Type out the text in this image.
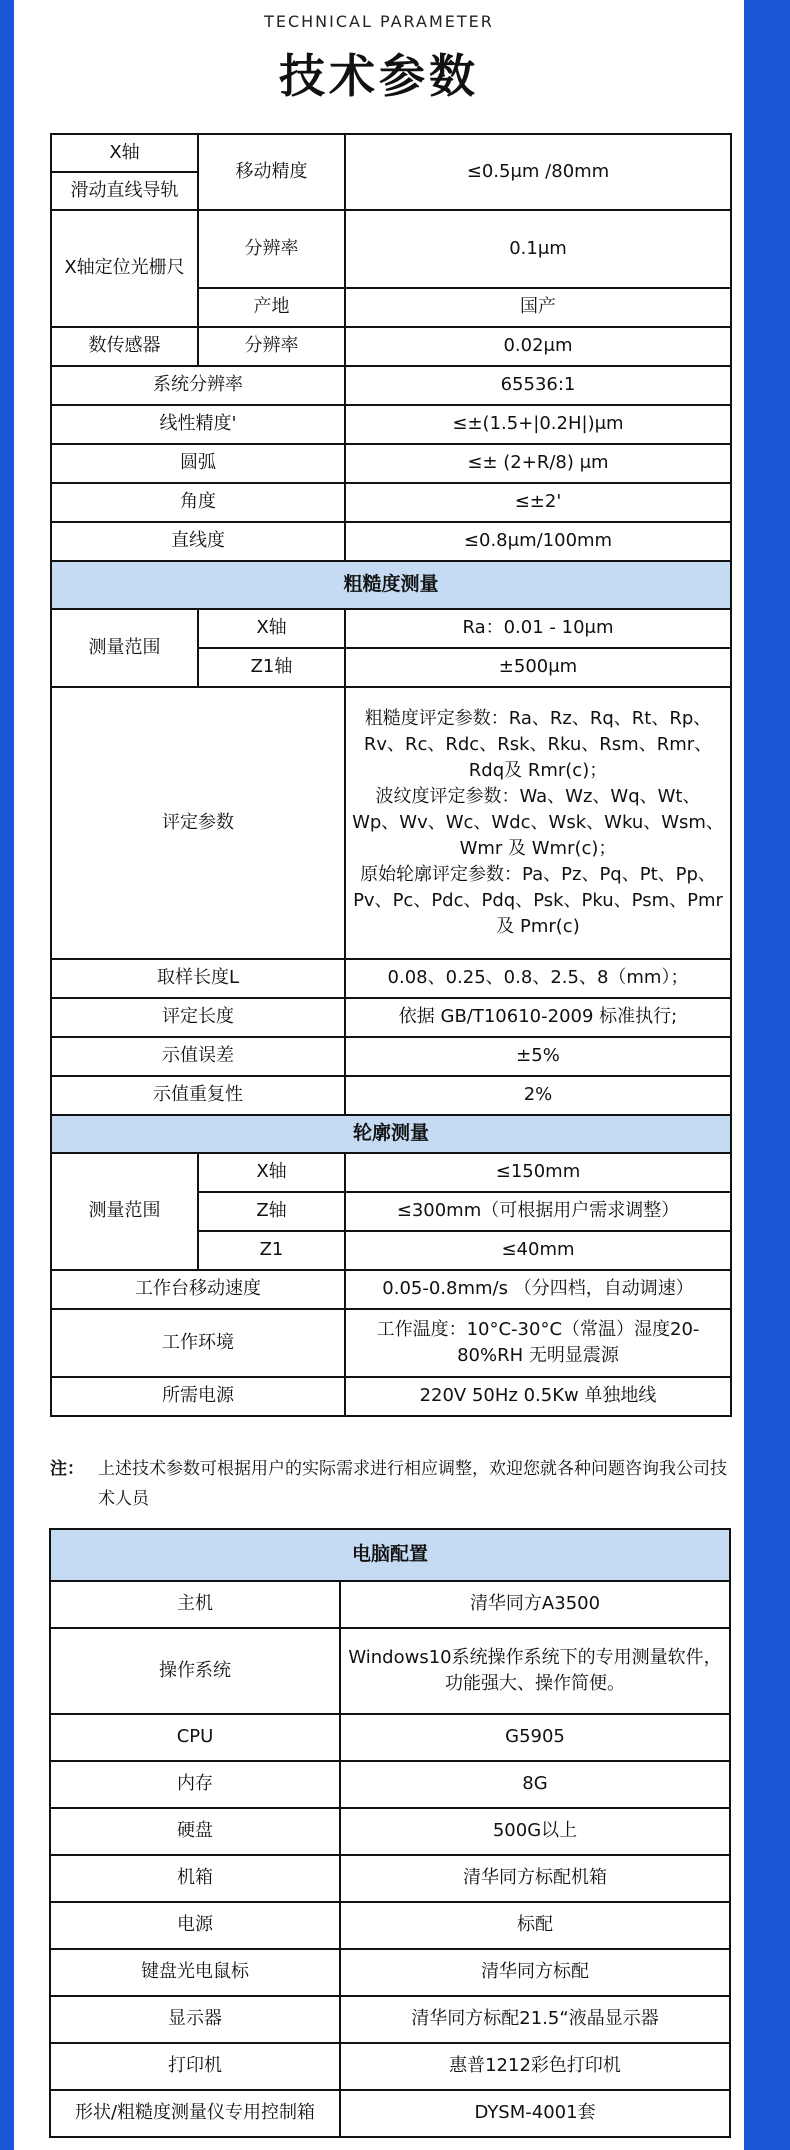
TECHNICAL PARAMETER
技术参数
X轴	移动精度	≤0.5μm /80mm
滑动直线导轨		
X轴定位光栅尺	分辨率	0.1μm
	产地	国产
数传感器	分辨率	0.02μm
系统分辨率		65536:1
线性精度'		≤±(1.5+|0.2H|)μm
圆弧		≤± (2+R/8) μm
角度		≤±2'
直线度		≤0.8μm/100mm
粗糙度测量		
测量范围	X轴	Ra：0.01 - 10μm
	Z1轴	±500μm
评定参数		粗糙度评定参数：Ra、Rz、Rq、Rt、Rp、Rv、Rc、Rdc、Rsk、Rku、Rsm、Rmr、Rdq及 Rmr(c)；

波纹度评定参数：Wa、Wz、Wq、Wt、Wp、Wv、Wc、Wdc、Wsk、Wku、Wsm、Wmr 及 Wmr(c)；

原始轮廓评定参数：Pa、Pz、Pq、Pt、Pp、Pv、Pc、Pdc、Pdq、Psk、Pku、Psm、Pmr 及 Pmr(c)

取样长度L		0.08、0.25、0.8、2.5、8（mm）；
评定长度		依据 GB/T10610-2009 标准执行;
示值误差		±5%
示值重复性		2%
轮廓测量		
测量范围	X轴	≤150mm
	Z轴	≤300mm（可根据用户需求调整）
	Z1	≤40mm
工作台移动速度		0.05-0.8mm/s （分四档，自动调速）
工作环境		工作温度：10°C-30°C（常温）湿度20-80%RH 无明显震源
所需电源		220V 50Hz 0.5Kw 单独地线
注： 上述技术参数可根据用户的实际需求进行相应调整，欢迎您就各种问题咨询我公司技术人员
电脑配置	
主机	清华同方A3500
操作系统	Windows10系统操作系统下的专用测量软件，功能强大、操作简便。
CPU	G5905
内存	8G
硬盘	500G以上
机箱	清华同方标配机箱
电源	标配
键盘光电鼠标	清华同方标配
显示器	清华同方标配21.5“液晶显示器
打印机	惠普1212彩色打印机
形状/粗糙度测量仪专用控制箱	DYSM-4001套
